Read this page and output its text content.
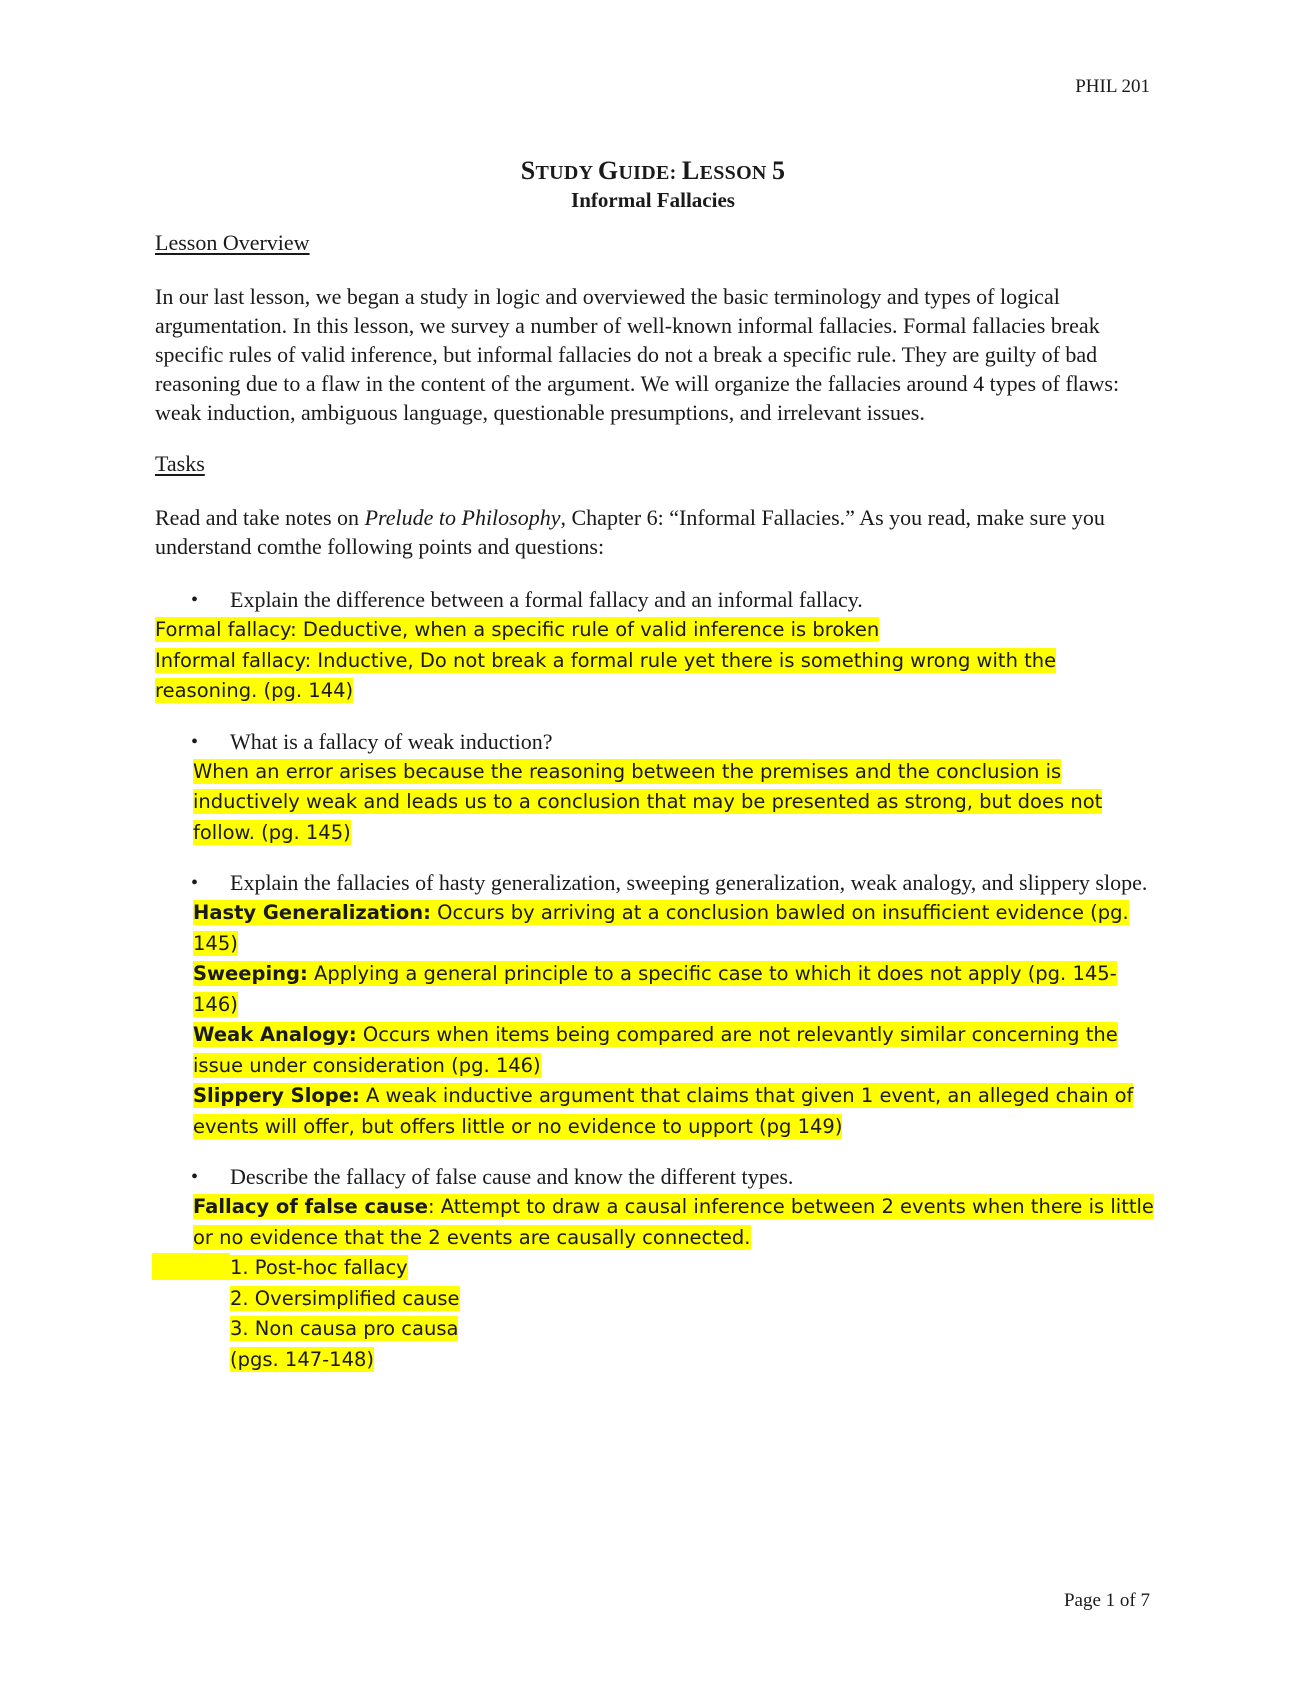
PHIL 201
STUDY GUIDE: LESSON 5
Informal Fallacies
Lesson Overview
In our last lesson, we began a study in logic and overviewed the basic terminology and types of logical argumentation. In this lesson, we survey a number of well-known informal fallacies. Formal fallacies break specific rules of valid inference, but informal fallacies do not a break a specific rule. They are guilty of bad reasoning due to a flaw in the content of the argument. We will organize the fallacies around 4 types of flaws: weak induction, ambiguous language, questionable presumptions, and irrelevant issues.
Tasks
Read and take notes on Prelude to Philosophy, Chapter 6: “Informal Fallacies.” As you read, make sure you understand comthe following points and questions:
• Explain the difference between a formal fallacy and an informal fallacy.
Formal fallacy: Deductive, when a specific rule of valid inference is broken
Informal fallacy: Inductive, Do not break a formal rule yet there is something wrong with the reasoning. (pg. 144)
• What is a fallacy of weak induction?
When an error arises because the reasoning between the premises and the conclusion is inductively weak and leads us to a conclusion that may be presented as strong, but does not follow. (pg. 145)
• Explain the fallacies of hasty generalization, sweeping generalization, weak analogy, and slippery slope.
Hasty Generalization: Occurs by arriving at a conclusion bawled on insufficient evidence (pg. 145)
Sweeping: Applying a general principle to a specific case to which it does not apply (pg. 145-146)
Weak Analogy: Occurs when items being compared are not relevantly similar concerning the issue under consideration (pg. 146)
Slippery Slope: A weak inductive argument that claims that given 1 event, an alleged chain of events will offer, but offers little or no evidence to upport (pg 149)
• Describe the fallacy of false cause and know the different types.
Fallacy of false cause: Attempt to draw a causal inference between 2 events when there is little or no evidence that the 2 events are causally connected.
1. Post-hoc fallacy
2. Oversimplified cause
3. Non causa pro causa
(pgs. 147-148)
Page 1 of 7
